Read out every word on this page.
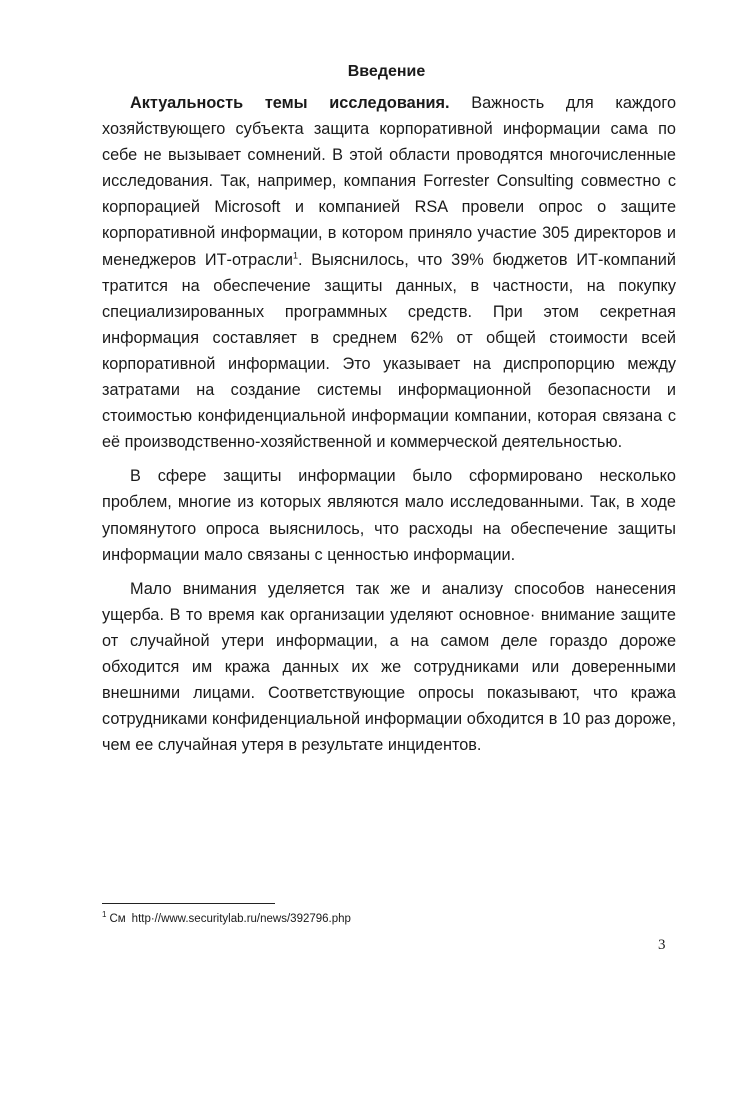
Введение

Актуальность темы исследования. Важность для каждого хозяйствующего субъекта защита корпоративной информации сама по себе не вызывает сомнений. В этой области проводятся многочисленные исследования. Так, например, компания Forrester Consulting совместно с корпорацией Microsoft и компанией RSA провели опрос о защите корпоративной информации, в котором приняло участие 305 директоров и менеджеров ИТ-отрасли$^1$. Выяснилось, что 39% бюджетов ИТ-компаний тратится на обеспечение защиты данных, в частности, на покупку специализированных программных средств. При этом секретная информация составляет в среднем 62% от общей стоимости всей корпоративной информации. Это указывает на диспропорцию между затратами на создание системы информационной безопасности и стоимостью конфиденциальной информации компании, которая связана с её производственно-хозяйственной и коммерческой деятельностью.

В сфере защиты информации было сформировано несколько проблем, многие из которых являются мало исследованными. Так, в ходе упомянутого опроса выяснилось, что расходы на обеспечение защиты информации мало связаны с ценностью информации.

Мало внимания уделяется так же и анализу способов нанесения ущерба. В то время как организации уделяют основное· внимание защите от случайной утери информации, а на самом деле гораздо дороже обходится им кража данных их же сотрудниками или доверенными внешними лицами. Соответствующие опросы показывают, что кража сотрудниками конфиденциальной информации обходится в 10 раз дороже, чем ее случайная утеря в результате инцидентов.

$^1$ См http·//www.securitylab.ru/news/392796.php
3
